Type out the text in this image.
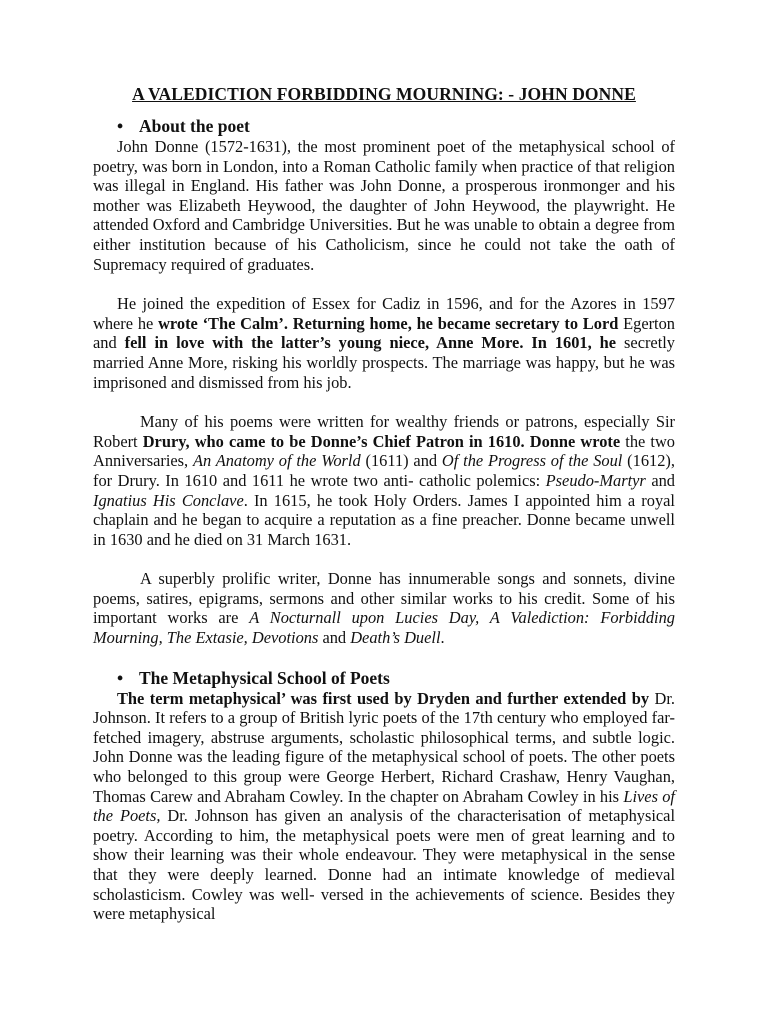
A VALEDICTION FORBIDDING MOURNING: - JOHN DONNE
• About the poet

John Donne (1572-1631), the most prominent poet of the metaphysical school of poetry, was born in London, into a Roman Catholic family when practice of that religion was illegal in England. His father was John Donne, a prosperous ironmonger and his mother was Elizabeth Heywood, the daughter of John Heywood, the playwright. He attended Oxford and Cambridge Universities. But he was unable to obtain a degree from either institution because of his Catholicism, since he could not take the oath of Supremacy required of graduates.

He joined the expedition of Essex for Cadiz in 1596, and for the Azores in 1597 where he wrote ‘The Calm’. Returning home, he became secretary to Lord Egerton and fell in love with the latter’s young niece, Anne More. In 1601, he secretly married Anne More, risking his worldly prospects. The marriage was happy, but he was imprisoned and dismissed from his job.

Many of his poems were written for wealthy friends or patrons, especially Sir Robert Drury, who came to be Donne’s Chief Patron in 1610. Donne wrote the two Anniversaries, An Anatomy of the World (1611) and Of the Progress of the Soul (1612), for Drury. In 1610 and 1611 he wrote two anti- catholic polemics: Pseudo-Martyr and Ignatius His Conclave. In 1615, he took Holy Orders. James I appointed him a royal chaplain and he began to acquire a reputation as a fine preacher. Donne became unwell in 1630 and he died on 31 March 1631.

A superbly prolific writer, Donne has innumerable songs and sonnets, divine poems, satires, epigrams, sermons and other similar works to his credit. Some of his important works are A Nocturnall upon Lucies Day, A Valediction: Forbidding Mourning, The Extasie, Devotions and Death’s Duell.

• The Metaphysical School of Poets

The term metaphysical’ was first used by Dryden and further extended by Dr. Johnson. It refers to a group of British lyric poets of the 17th century who employed far-fetched imagery, abstruse arguments, scholastic philosophical terms, and subtle logic. John Donne was the leading figure of the metaphysical school of poets. The other poets who belonged to this group were George Herbert, Richard Crashaw, Henry Vaughan, Thomas Carew and Abraham Cowley. In the chapter on Abraham Cowley in his Lives of the Poets, Dr. Johnson has given an analysis of the characterisation of metaphysical poetry. According to him, the metaphysical poets were men of great learning and to show their learning was their whole endeavour. They were metaphysical in the sense that they were deeply learned. Donne had an intimate knowledge of medieval scholasticism. Cowley was well- versed in the achievements of science. Besides they were metaphysical
